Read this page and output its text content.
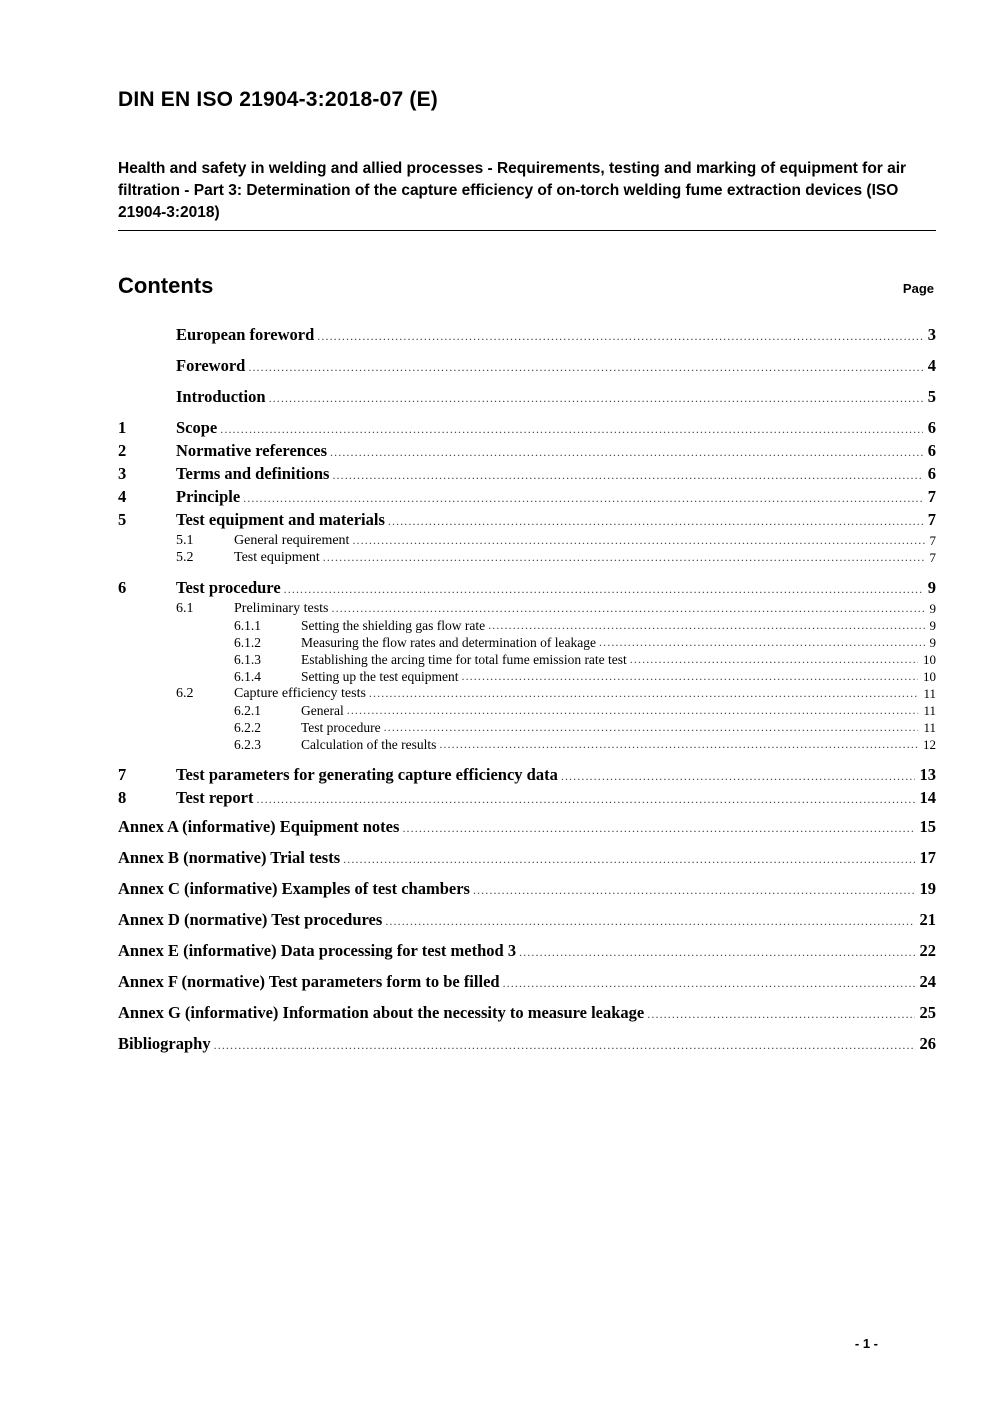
DIN EN ISO 21904-3:2018-07 (E)
Health and safety in welding and allied processes - Requirements, testing and marking of equipment for air filtration - Part 3: Determination of the capture efficiency of on-torch welding fume extraction devices (ISO 21904-3:2018)
Contents	Page
European foreword .....	3
Foreword .....	4
Introduction .....	5
1	Scope .....	6
2	Normative references .....	6
3	Terms and definitions .....	6
4	Principle .....	7
5	Test equipment and materials .....	7
5.1	General requirement .....	7
5.2	Test equipment .....	7
6	Test procedure .....	9
6.1	Preliminary tests .....	9
6.1.1	Setting the shielding gas flow rate .....	9
6.1.2	Measuring the flow rates and determination of leakage .....	9
6.1.3	Establishing the arcing time for total fume emission rate test .....	10
6.1.4	Setting up the test equipment .....	10
6.2	Capture efficiency tests .....	11
6.2.1	General .....	11
6.2.2	Test procedure .....	11
6.2.3	Calculation of the results .....	12
7	Test parameters for generating capture efficiency data .....	13
8	Test report .....	14
Annex A (informative) Equipment notes .....	15
Annex B (normative) Trial tests .....	17
Annex C (informative) Examples of test chambers .....	19
Annex D (normative) Test procedures .....	21
Annex E (informative) Data processing for test method 3 .....	22
Annex F (normative) Test parameters form to be filled .....	24
Annex G (informative) Information about the necessity to measure leakage .....	25
Bibliography .....	26
- 1 -
